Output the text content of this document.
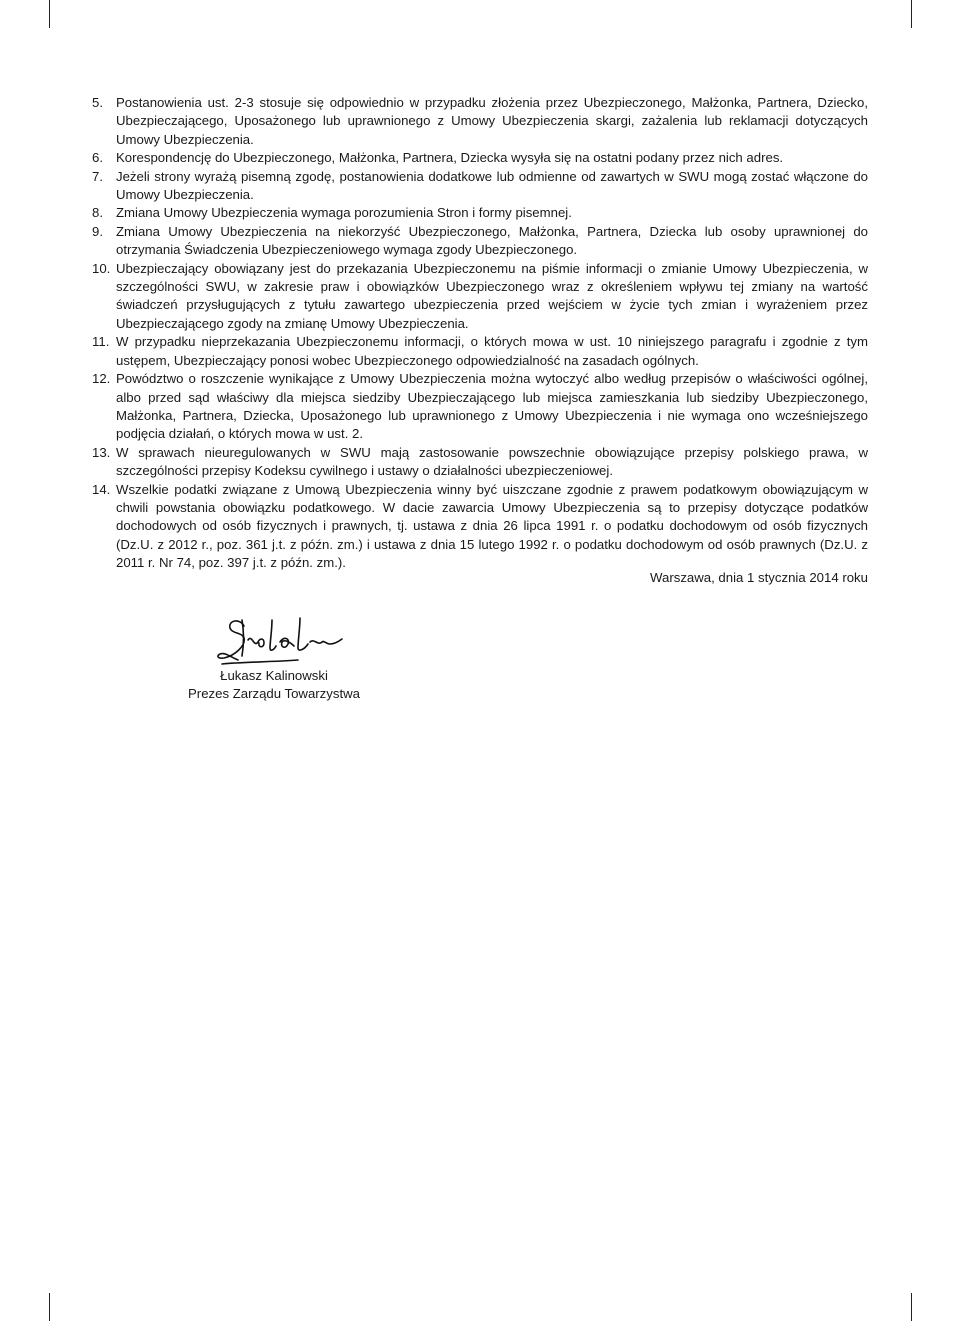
5. Postanowienia ust. 2-3 stosuje się odpowiednio w przypadku złożenia przez Ubezpieczonego, Małżonka, Partnera, Dziecko, Ubezpieczającego, Uposażonego lub uprawnionego z Umowy Ubezpieczenia skargi, zażalenia lub reklamacji dotyczących Umowy Ubezpieczenia.
6. Korespondencję do Ubezpieczonego, Małżonka, Partnera, Dziecka wysyła się na ostatni podany przez nich adres.
7. Jeżeli strony wyrażą pisemną zgodę, postanowienia dodatkowe lub odmienne od zawartych w SWU mogą zostać włączone do Umowy Ubezpieczenia.
8. Zmiana Umowy Ubezpieczenia wymaga porozumienia Stron i formy pisemnej.
9. Zmiana Umowy Ubezpieczenia na niekorzyść Ubezpieczonego, Małżonka, Partnera, Dziecka lub osoby uprawnionej do otrzymania Świadczenia Ubezpieczeniowego wymaga zgody Ubezpieczonego.
10. Ubezpieczający obowiązany jest do przekazania Ubezpieczonemu na piśmie informacji o zmianie Umowy Ubezpieczenia, w szczególności SWU, w zakresie praw i obowiązków Ubezpieczonego wraz z określeniem wpływu tej zmiany na wartość świadczeń przysługujących z tytułu zawartego ubezpieczenia przed wejściem w życie tych zmian i wyrażeniem przez Ubezpieczającego zgody na zmianę Umowy Ubezpieczenia.
11. W przypadku nieprzekazania Ubezpieczonemu informacji, o których mowa w ust. 10 niniejszego paragrafu i zgodnie z tym ustępem, Ubezpieczający ponosi wobec Ubezpieczonego odpowiedzialność na zasadach ogólnych.
12. Powództwo o roszczenie wynikające z Umowy Ubezpieczenia można wytoczyć albo według przepisów o właściwości ogólnej, albo przed sąd właściwy dla miejsca siedziby Ubezpieczającego lub miejsca zamieszkania lub siedziby Ubezpieczonego, Małżonka, Partnera, Dziecka, Uposażonego lub uprawnionego z Umowy Ubezpieczenia i nie wymaga ono wcześniejszego podjęcia działań, o których mowa w ust. 2.
13. W sprawach nieuregulowanych w SWU mają zastosowanie powszechnie obowiązujące przepisy polskiego prawa, w szczególności przepisy Kodeksu cywilnego i ustawy o działalności ubezpieczeniowej.
14. Wszelkie podatki związane z Umową Ubezpieczenia winny być uiszczane zgodnie z prawem podatkowym obowiązującym w chwili powstania obowiązku podatkowego. W dacie zawarcia Umowy Ubezpieczenia są to przepisy dotyczące podatków dochodowych od osób fizycznych i prawnych, tj. ustawa z dnia 26 lipca 1991 r. o podatku dochodowym od osób fizycznych (Dz.U. z 2012 r., poz. 361 j.t. z późn. zm.) i ustawa z dnia 15 lutego 1992 r. o podatku dochodowym od osób prawnych (Dz.U. z 2011 r. Nr 74, poz. 397 j.t. z późn. zm.).
Warszawa, dnia 1 stycznia 2014 roku
Łukasz Kalinowski
Prezes Zarządu Towarzystwa
